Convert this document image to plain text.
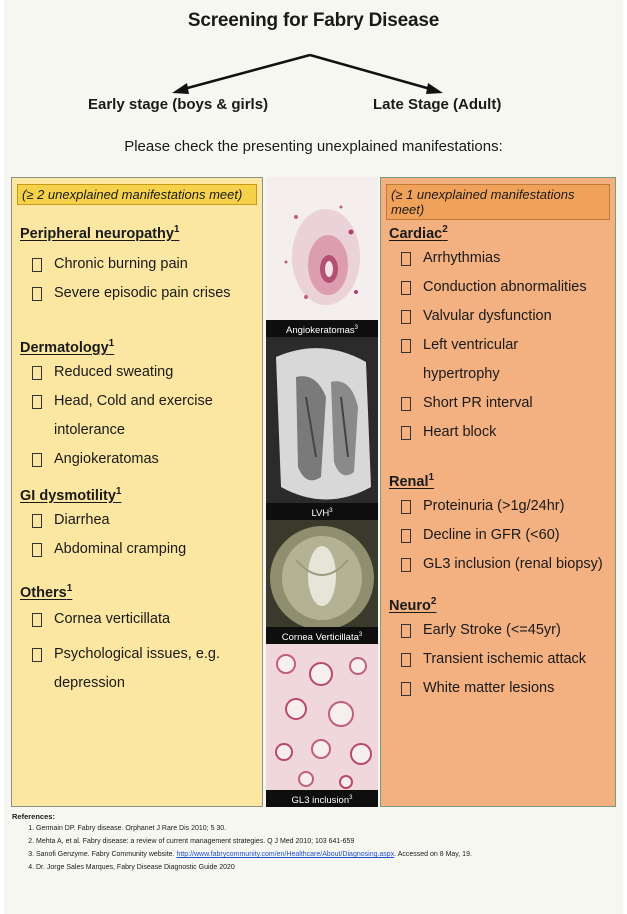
Screening for Fabry Disease
Early stage (boys & girls)	Late Stage (Adult)
Please check the presenting unexplained manifestations:
(≥ 2 unexplained manifestations meet)
Peripheral neuropathy$^1$
Chronic burning pain
Severe episodic pain crises
Dermatology$^1$
Reduced sweating
Head, Cold and exercise
intolerance
Angiokeratomas
GI dysmotility$^1$
Diarrhea
Abdominal cramping
Others$^1$
Cornea verticillata
Psychological issues, e.g.
depression
Angiokeratomas$^3$
LVH$^3$
Cornea Verticillata$^3$
GL3 inclusion$^3$
(≥ 1 unexplained manifestations meet)
Cardiac$^2$
Arrhythmias
Conduction abnormalities
Valvular dysfunction
Left ventricular
hypertrophy
Short PR interval
Heart block
Renal$^1$
Proteinuria (>1g/24hr)
Decline in GFR (<60)
GL3 inclusion (renal biopsy)
Neuro$^2$
Early Stroke (<=45yr)
Transient ischemic attack
White matter lesions
References:
1. Germain DP. Fabry disease. Orphanet J Rare Dis 2010; 5 30.
2. Mehta A, et al. Fabry disease: a review of current management strategies. Q J Med 2010; 103 641-659
3. Sanofi Genzyme. Fabry Community website. http://www.fabrycommunity.com/en/Healthcare/About/Diagnosing.aspx. Accessed on 8 May, 19.
4. Dr. Jorge Sales Marques, Fabry Disease Diagnostic Guide 2020
